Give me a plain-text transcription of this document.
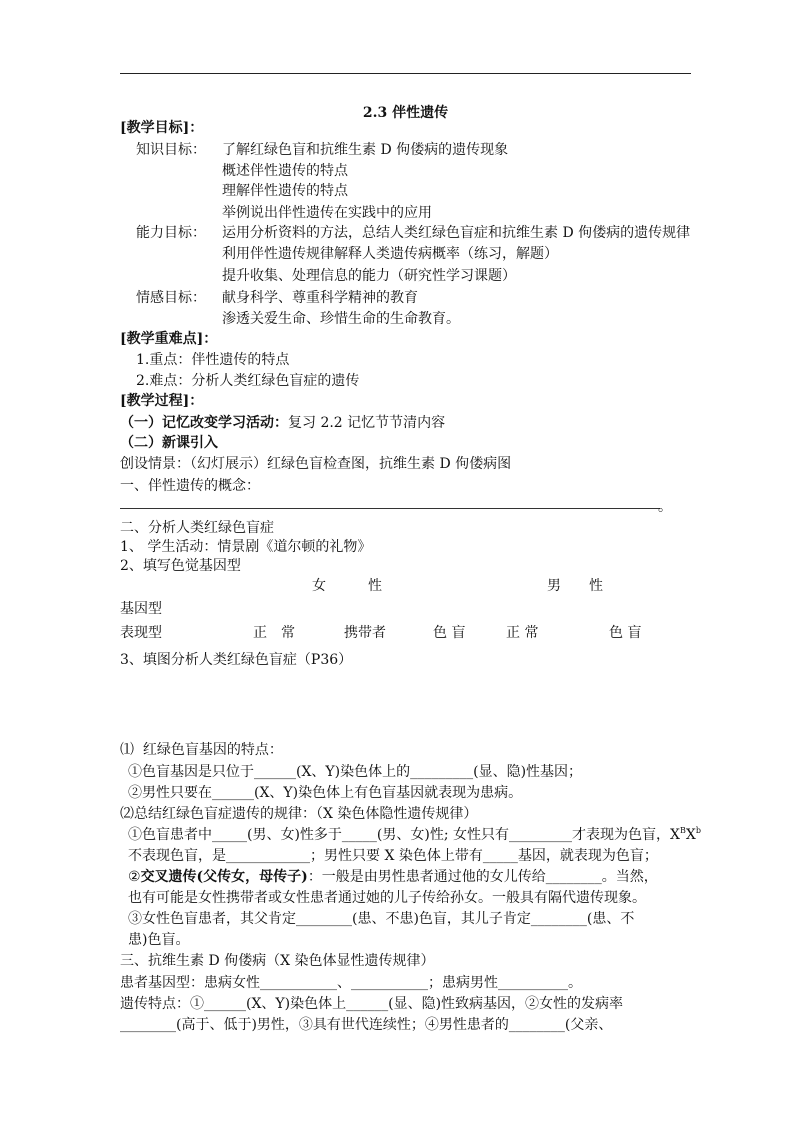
2.3 伴性遗传
[教学目标]：
知识目标： 了解红绿色盲和抗维生素 D 佝偻病的遗传现象
概述伴性遗传的特点
理解伴性遗传的特点
举例说出伴性遗传在实践中的应用
能力目标： 运用分析资料的方法，总结人类红绿色盲症和抗维生素 D 佝偻病的遗传规律
利用伴性遗传规律解释人类遗传病概率（练习，解题）
提升收集、处理信息的能力（研究性学习课题）
情感目标： 献身科学、尊重科学精神的教育
渗透关爱生命、珍惜生命的生命教育。
[教学重难点]：
1.重点：伴性遗传的特点
2.难点：分析人类红绿色盲症的遗传
[教学过程]：
（一）记忆改变学习活动：复习 2.2 记忆节节清内容
（二）新课引入
创设情景：（幻灯展示）红绿色盲检查图，抗维生素 D 佝偻病图
一、伴性遗传的概念：
。
二、分析人类红绿色盲症
1、 学生活动：情景剧《道尔顿的礼物》
2、填写色觉基因型
女　　　性	男　　性
基因型
表现型	正　常	携带者	色 盲	正 常	色 盲
3、填图分析人类红绿色盲症（P36）
⑴  红绿色盲基因的特点：
①色盲基因是只位于______(X、Y)染色体上的_________(显、隐)性基因；
②男性只要在______(X、Y)染色体上有色盲基因就表现为患病。
⑵总结红绿色盲症遗传的规律：（X 染色体隐性遗传规律）
①色盲患者中_____(男、女)性多于_____(男、女)性; 女性只有_________才表现为色盲，$X^BX^b$
不表现色盲，是____________；男性只要 X 染色体上带有_____基因，就表现为色盲；
②交叉遗传(父传女，母传子)：一般是由男性患者通过他的女儿传给________。当然，
也有可能是女性携带者或女性患者通过她的儿子传给孙女。一般具有隔代遗传现象。
③女性色盲患者，其父肯定________(患、不患)色盲，其儿子肯定________(患、不
患)色盲。
三、抗维生素 D 佝偻病（X 染色体显性遗传规律）
患者基因型：患病女性___________、___________；患病男性__________。
遗传特点：①______(X、Y)染色体上______(显、隐)性致病基因，②女性的发病率
________(高于、低于)男性，③具有世代连续性；④男性患者的________(父亲、
